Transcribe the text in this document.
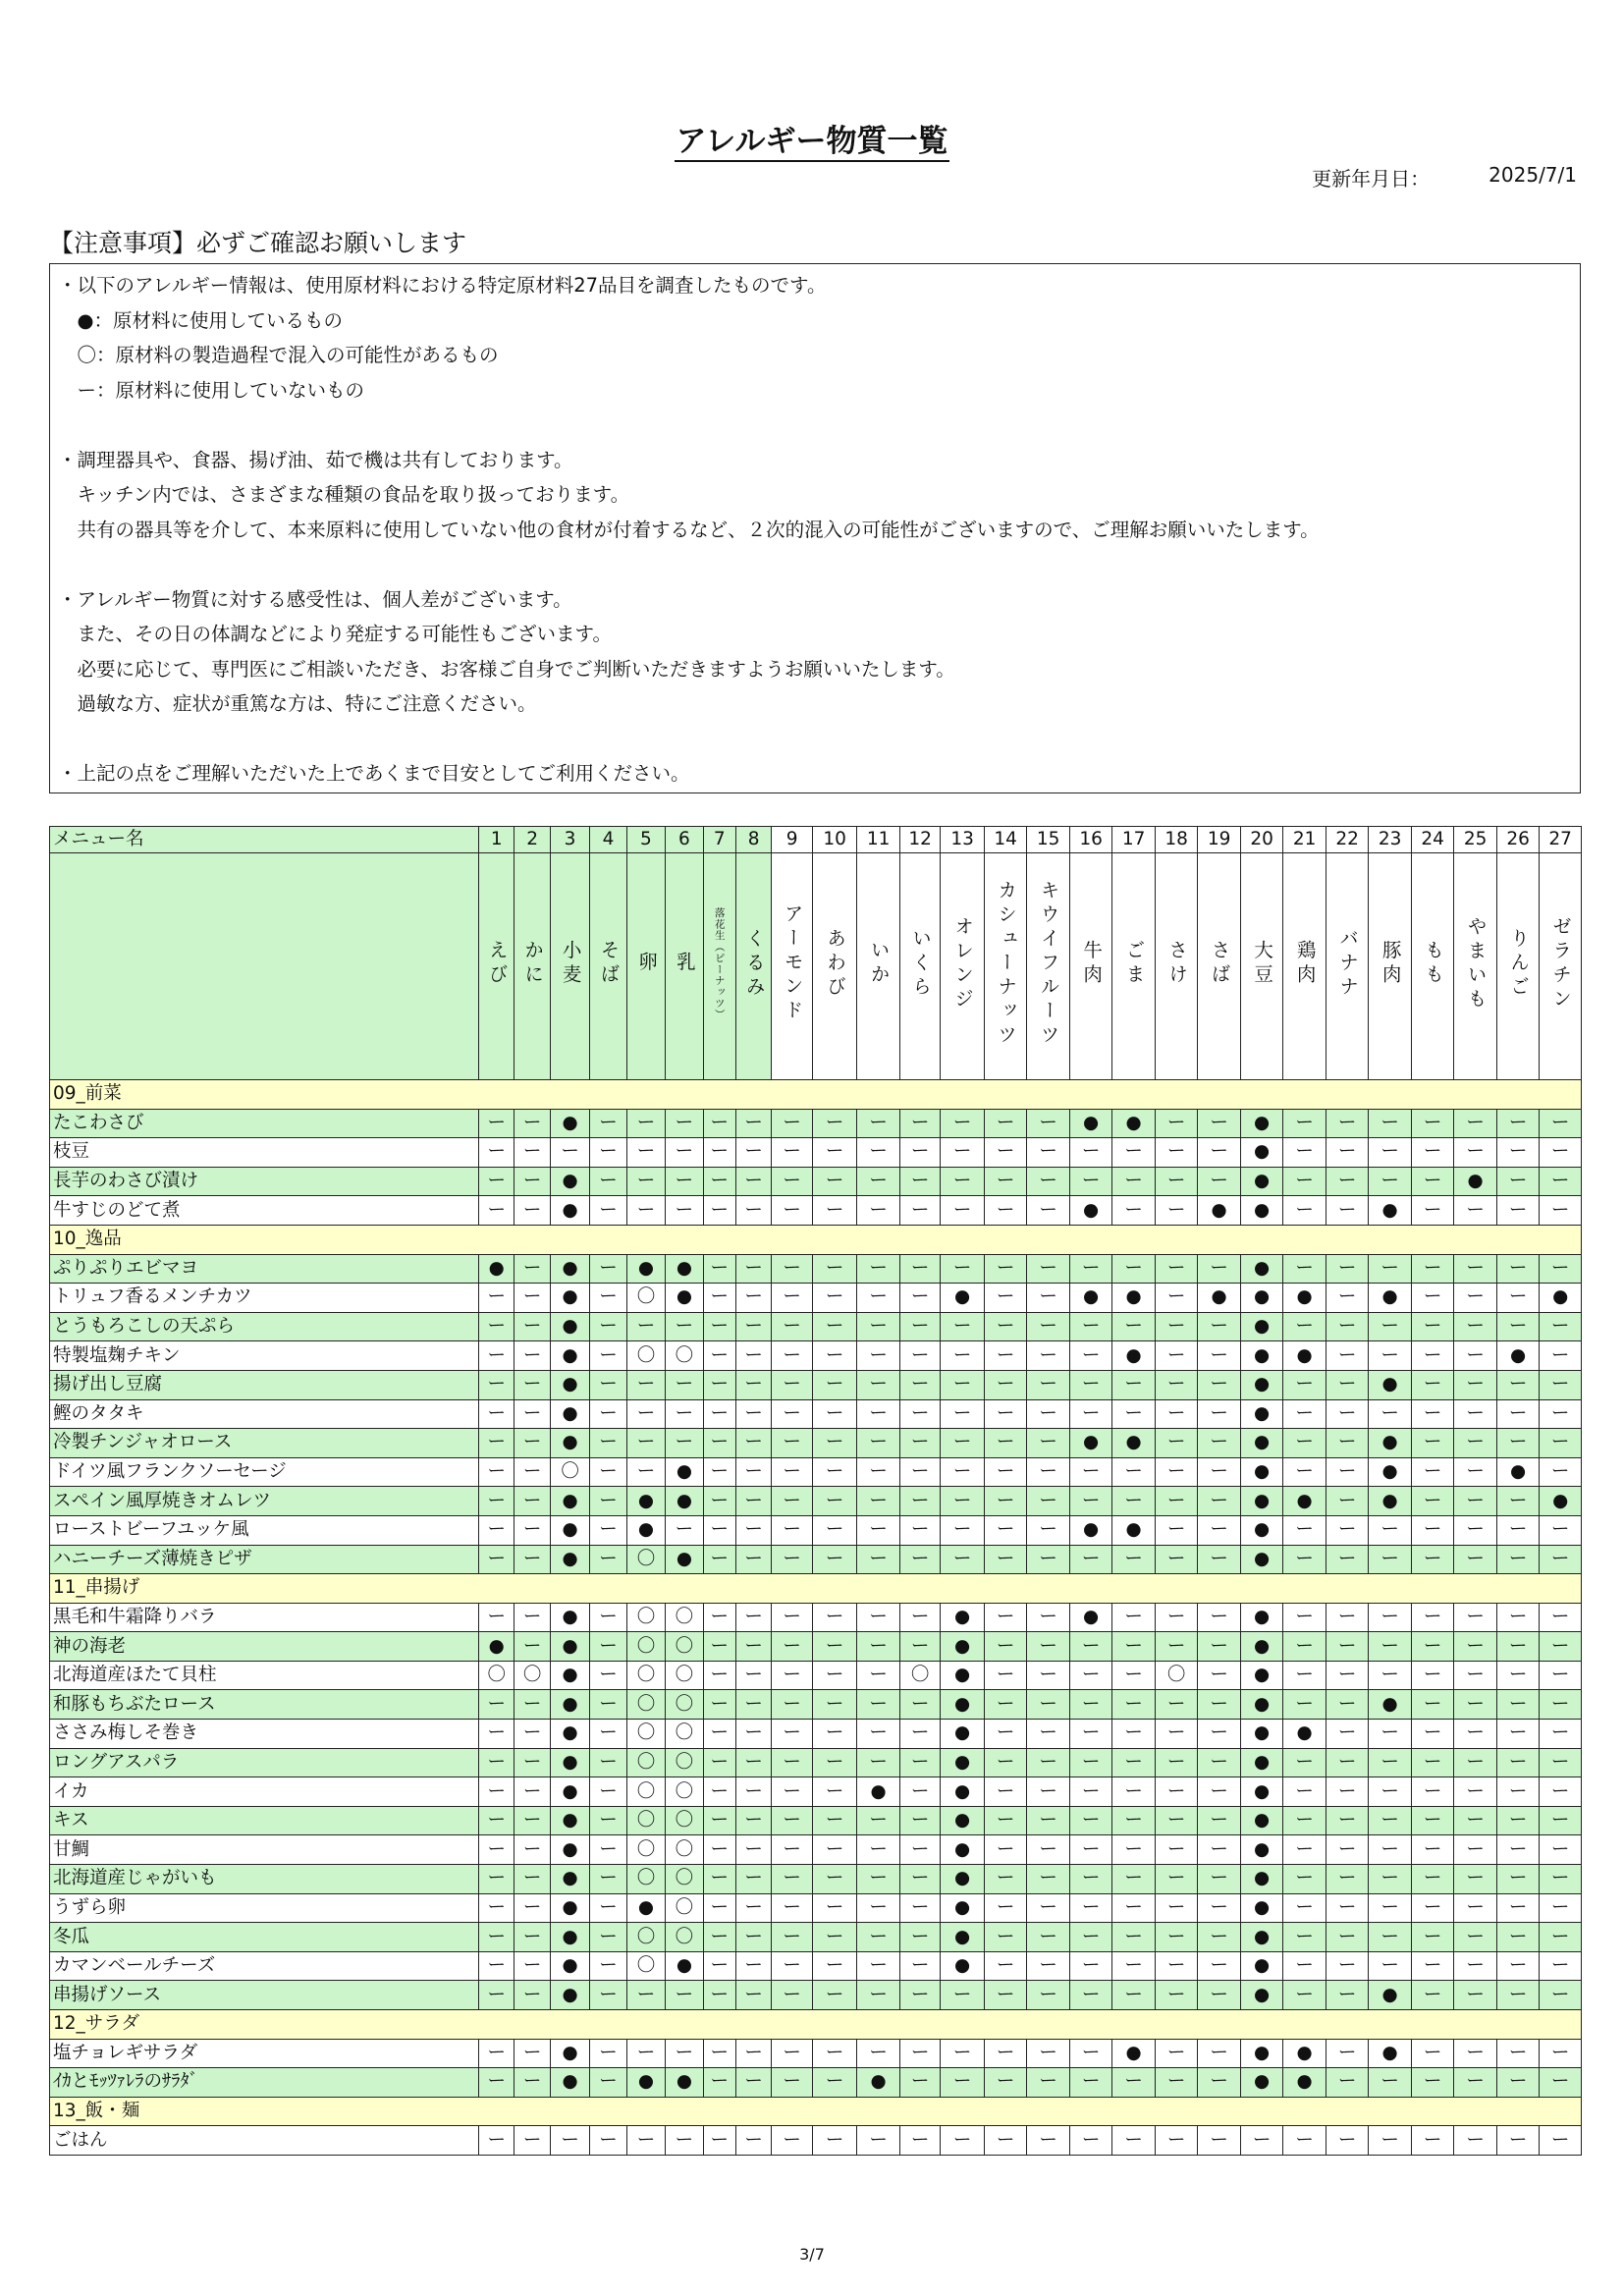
アレルギー物質一覧
更新年月日：	2025/7/1
【注意事項】必ずご確認お願いします
・以下のアレルギー情報は、使用原材料における特定原材料27品目を調査したものです。
　●：原材料に使用しているもの
　〇：原材料の製造過程で混入の可能性があるもの
　ー：原材料に使用していないもの

・調理器具や、食器、揚げ油、茹で機は共有しております。
　キッチン内では、さまざまな種類の食品を取り扱っております。
　共有の器具等を介して、本来原料に使用していない他の食材が付着するなど、２次的混入の可能性がございますので、ご理解お願いいたします。

・アレルギー物質に対する感受性は、個人差がございます。
　また、その日の体調などにより発症する可能性もございます。
　必要に応じて、専門医にご相談いただき、お客様ご自身でご判断いただきますようお願いいたします。
　過敏な方、症状が重篤な方は、特にご注意ください。

・上記の点をご理解いただいた上であくまで目安としてご利用ください。
メニュー名	1	2	3	4	5	6	7	8	9	10	11	12	13	14	15	16	17	18	19	20	21	22	23	24	25	26	27
	えび	かに	小麦	そば	卵	乳	落花生（ピーナッツ）	くるみ	アーモンド	あわび	いか	いくら	オレンジ	カシューナッツ	キウイフルーツ	牛肉	ごま	さけ	さば	大豆	鶏肉	バナナ	豚肉	もも	やまいも	りんご	ゼラチン
09_前菜																											
たこわさび	ー	ー	●	ー	ー	ー	ー	ー	ー	ー	ー	ー	ー	ー	ー	●	●	ー	ー	●	ー	ー	ー	ー	ー	ー	ー
枝豆	ー	ー	ー	ー	ー	ー	ー	ー	ー	ー	ー	ー	ー	ー	ー	ー	ー	ー	ー	●	ー	ー	ー	ー	ー	ー	ー
長芋のわさび漬け	ー	ー	●	ー	ー	ー	ー	ー	ー	ー	ー	ー	ー	ー	ー	ー	ー	ー	ー	●	ー	ー	ー	ー	●	ー	ー
牛すじのどて煮	ー	ー	●	ー	ー	ー	ー	ー	ー	ー	ー	ー	ー	ー	ー	●	ー	ー	●	●	ー	ー	●	ー	ー	ー	ー
10_逸品																											
ぷりぷりエビマヨ	●	ー	●	ー	●	●	ー	ー	ー	ー	ー	ー	ー	ー	ー	ー	ー	ー	ー	●	ー	ー	ー	ー	ー	ー	ー
トリュフ香るメンチカツ	ー	ー	●	ー	〇	●	ー	ー	ー	ー	ー	ー	●	ー	ー	●	●	ー	●	●	●	ー	●	ー	ー	ー	●
とうもろこしの天ぷら	ー	ー	●	ー	ー	ー	ー	ー	ー	ー	ー	ー	ー	ー	ー	ー	ー	ー	ー	●	ー	ー	ー	ー	ー	ー	ー
特製塩麹チキン	ー	ー	●	ー	〇	〇	ー	ー	ー	ー	ー	ー	ー	ー	ー	ー	●	ー	ー	●	●	ー	ー	ー	ー	●	ー
揚げ出し豆腐	ー	ー	●	ー	ー	ー	ー	ー	ー	ー	ー	ー	ー	ー	ー	ー	ー	ー	ー	●	ー	ー	●	ー	ー	ー	ー
鰹のタタキ	ー	ー	●	ー	ー	ー	ー	ー	ー	ー	ー	ー	ー	ー	ー	ー	ー	ー	ー	●	ー	ー	ー	ー	ー	ー	ー
冷製チンジャオロース	ー	ー	●	ー	ー	ー	ー	ー	ー	ー	ー	ー	ー	ー	ー	●	●	ー	ー	●	ー	ー	●	ー	ー	ー	ー
ドイツ風フランクソーセージ	ー	ー	〇	ー	ー	●	ー	ー	ー	ー	ー	ー	ー	ー	ー	ー	ー	ー	ー	●	ー	ー	●	ー	ー	●	ー
スペイン風厚焼きオムレツ	ー	ー	●	ー	●	●	ー	ー	ー	ー	ー	ー	ー	ー	ー	ー	ー	ー	ー	●	●	ー	●	ー	ー	ー	●
ローストビーフユッケ風	ー	ー	●	ー	●	ー	ー	ー	ー	ー	ー	ー	ー	ー	ー	●	●	ー	ー	●	ー	ー	ー	ー	ー	ー	ー
ハニーチーズ薄焼きピザ	ー	ー	●	ー	〇	●	ー	ー	ー	ー	ー	ー	ー	ー	ー	ー	ー	ー	ー	●	ー	ー	ー	ー	ー	ー	ー
11_串揚げ																											
黒毛和牛霜降りバラ	ー	ー	●	ー	〇	〇	ー	ー	ー	ー	ー	ー	●	ー	ー	●	ー	ー	ー	●	ー	ー	ー	ー	ー	ー	ー
神の海老	●	ー	●	ー	〇	〇	ー	ー	ー	ー	ー	ー	●	ー	ー	ー	ー	ー	ー	●	ー	ー	ー	ー	ー	ー	ー
北海道産ほたて貝柱	〇	〇	●	ー	〇	〇	ー	ー	ー	ー	ー	〇	●	ー	ー	ー	ー	〇	ー	●	ー	ー	ー	ー	ー	ー	ー
和豚もちぶたロース	ー	ー	●	ー	〇	〇	ー	ー	ー	ー	ー	ー	●	ー	ー	ー	ー	ー	ー	●	ー	ー	●	ー	ー	ー	ー
ささみ梅しそ巻き	ー	ー	●	ー	〇	〇	ー	ー	ー	ー	ー	ー	●	ー	ー	ー	ー	ー	ー	●	●	ー	ー	ー	ー	ー	ー
ロングアスパラ	ー	ー	●	ー	〇	〇	ー	ー	ー	ー	ー	ー	●	ー	ー	ー	ー	ー	ー	●	ー	ー	ー	ー	ー	ー	ー
イカ	ー	ー	●	ー	〇	〇	ー	ー	ー	ー	●	ー	●	ー	ー	ー	ー	ー	ー	●	ー	ー	ー	ー	ー	ー	ー
キス	ー	ー	●	ー	〇	〇	ー	ー	ー	ー	ー	ー	●	ー	ー	ー	ー	ー	ー	●	ー	ー	ー	ー	ー	ー	ー
甘鯛	ー	ー	●	ー	〇	〇	ー	ー	ー	ー	ー	ー	●	ー	ー	ー	ー	ー	ー	●	ー	ー	ー	ー	ー	ー	ー
北海道産じゃがいも	ー	ー	●	ー	〇	〇	ー	ー	ー	ー	ー	ー	●	ー	ー	ー	ー	ー	ー	●	ー	ー	ー	ー	ー	ー	ー
うずら卵	ー	ー	●	ー	●	〇	ー	ー	ー	ー	ー	ー	●	ー	ー	ー	ー	ー	ー	●	ー	ー	ー	ー	ー	ー	ー
冬瓜	ー	ー	●	ー	〇	〇	ー	ー	ー	ー	ー	ー	●	ー	ー	ー	ー	ー	ー	●	ー	ー	ー	ー	ー	ー	ー
カマンベールチーズ	ー	ー	●	ー	〇	●	ー	ー	ー	ー	ー	ー	●	ー	ー	ー	ー	ー	ー	●	ー	ー	ー	ー	ー	ー	ー
串揚げソース	ー	ー	●	ー	ー	ー	ー	ー	ー	ー	ー	ー	ー	ー	ー	ー	ー	ー	ー	●	ー	ー	●	ー	ー	ー	ー
12_サラダ																											
塩チョレギサラダ	ー	ー	●	ー	ー	ー	ー	ー	ー	ー	ー	ー	ー	ー	ー	ー	●	ー	ー	●	●	ー	●	ー	ー	ー	ー
ｲｶとﾓｯﾂｧﾚﾗのｻﾗﾀﾞ	ー	ー	●	ー	●	●	ー	ー	ー	ー	●	ー	ー	ー	ー	ー	ー	ー	ー	●	●	ー	ー	ー	ー	ー	ー
13_飯・麺																											
ごはん	ー	ー	ー	ー	ー	ー	ー	ー	ー	ー	ー	ー	ー	ー	ー	ー	ー	ー	ー	ー	ー	ー	ー	ー	ー	ー	ー
3/7
